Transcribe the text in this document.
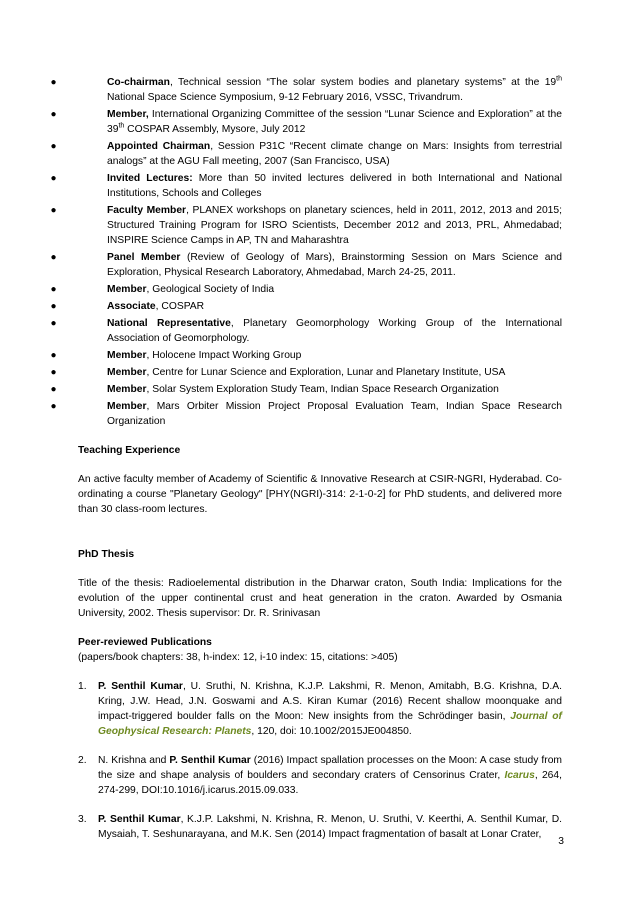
●	Co-chairman, Technical session “The solar system bodies and planetary systems” at the 19th National Space Science Symposium, 9-12 February 2016, VSSC, Trivandrum.
●	Member, International Organizing Committee of the session “Lunar Science and Exploration” at the 39th COSPAR Assembly, Mysore, July 2012
●	Appointed Chairman, Session P31C “Recent climate change on Mars: Insights from terrestrial analogs” at the AGU Fall meeting, 2007 (San Francisco, USA)
●	Invited Lectures: More than 50 invited lectures delivered in both International and National Institutions, Schools and Colleges
●	Faculty Member, PLANEX workshops on planetary sciences, held in 2011, 2012, 2013 and 2015; Structured Training Program for ISRO Scientists, December 2012 and 2013, PRL, Ahmedabad; INSPIRE Science Camps in AP, TN and Maharashtra
●	Panel Member (Review of Geology of Mars), Brainstorming Session on Mars Science and Exploration, Physical Research Laboratory, Ahmedabad, March 24-25, 2011.
●	Member, Geological Society of India
●	Associate, COSPAR
●	National Representative, Planetary Geomorphology Working Group of the International Association of Geomorphology.
●	Member, Holocene Impact Working Group
●	Member, Centre for Lunar Science and Exploration, Lunar and Planetary Institute, USA
●	Member, Solar System Exploration Study Team, Indian Space Research Organization
●	Member, Mars Orbiter Mission Project Proposal Evaluation Team, Indian Space Research Organization
Teaching Experience

An active faculty member of Academy of Scientific & Innovative Research at CSIR-NGRI, Hyderabad. Co-ordinating a course "Planetary Geology" [PHY(NGRI)-314: 2-1-0-2] for PhD students, and delivered more than 30 class-room lectures.

PhD Thesis

Title of the thesis: Radioelemental distribution in the Dharwar craton, South India: Implications for the evolution of the upper continental crust and heat generation in the craton. Awarded by Osmania University, 2002. Thesis supervisor: Dr. R. Srinivasan

Peer-reviewed Publications

(papers/book chapters: 38, h-index: 12, i-10 index: 15, citations: >405)

1. P. Senthil Kumar, U. Sruthi, N. Krishna, K.J.P. Lakshmi, R. Menon, Amitabh, B.G. Krishna, D.A. Kring, J.W. Head, J.N. Goswami and A.S. Kiran Kumar (2016) Recent shallow moonquake and impact-triggered boulder falls on the Moon: New insights from the Schrödinger basin, Journal of Geophysical Research: Planets, 120, doi: 10.1002/2015JE004850.
2. N. Krishna and P. Senthil Kumar (2016) Impact spallation processes on the Moon: A case study from the size and shape analysis of boulders and secondary craters of Censorinus Crater, Icarus, 264, 274-299, DOI:10.1016/j.icarus.2015.09.033.
3. P. Senthil Kumar, K.J.P. Lakshmi, N. Krishna, R. Menon, U. Sruthi, V. Keerthi, A. Senthil Kumar, D. Mysaiah, T. Seshunarayana, and M.K. Sen (2014) Impact fragmentation of basalt at Lonar Crater,
3
